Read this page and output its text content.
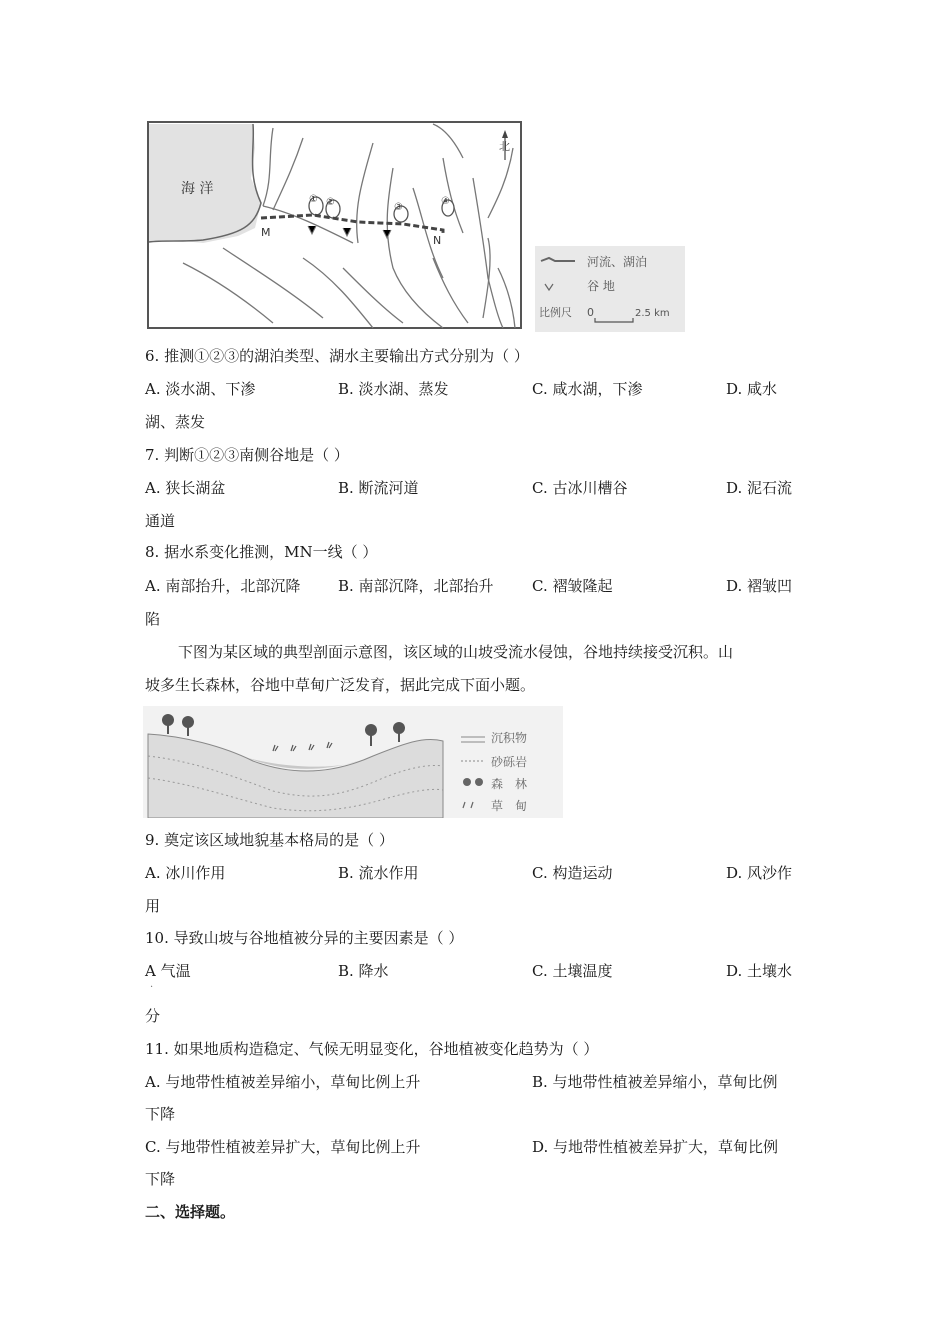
北
海 洋
M
N
① ②	③
④
河流、湖泊
谷 地
比例尺 0	2.5 km
6. 推测①②③的湖泊类型、湖水主要输出方式分别为（ ）
A. 淡水湖、下渗	B. 淡水湖、蒸发	C. 咸水湖，下渗	D. 咸水
湖、蒸发
7. 判断①②③南侧谷地是（ ）
A. 狭长湖盆	B. 断流河道	C. 古冰川槽谷	D. 泥石流
通道
8. 据水系变化推测，MN一线（ ）
A. 南部抬升，北部沉降	B. 南部沉降，北部抬升	C. 褶皱隆起	D. 褶皱凹
陷
下图为某区域的典型剖面示意图，该区域的山坡受流水侵蚀，谷地持续接受沉积。山
坡多生长森林，谷地中草甸广泛发育，据此完成下面小题。
沉积物
砂砾岩
森　林
草　甸
9. 奠定该区域地貌基本格局的是（ ）
A. 冰川作用	B. 流水作用	C. 构造运动	D. 风沙作
用
10. 导致山坡与谷地植被分异的主要因素是（ ）
A 气温	B. 降水	C. 土壤温度	D. 土壤水
·
分
11. 如果地质构造稳定、气候无明显变化，谷地植被变化趋势为（ ）
A. 与地带性植被差异缩小，草甸比例上升	B. 与地带性植被差异缩小，草甸比例
下降
C. 与地带性植被差异扩大，草甸比例上升	D. 与地带性植被差异扩大，草甸比例
下降
二、选择题。
